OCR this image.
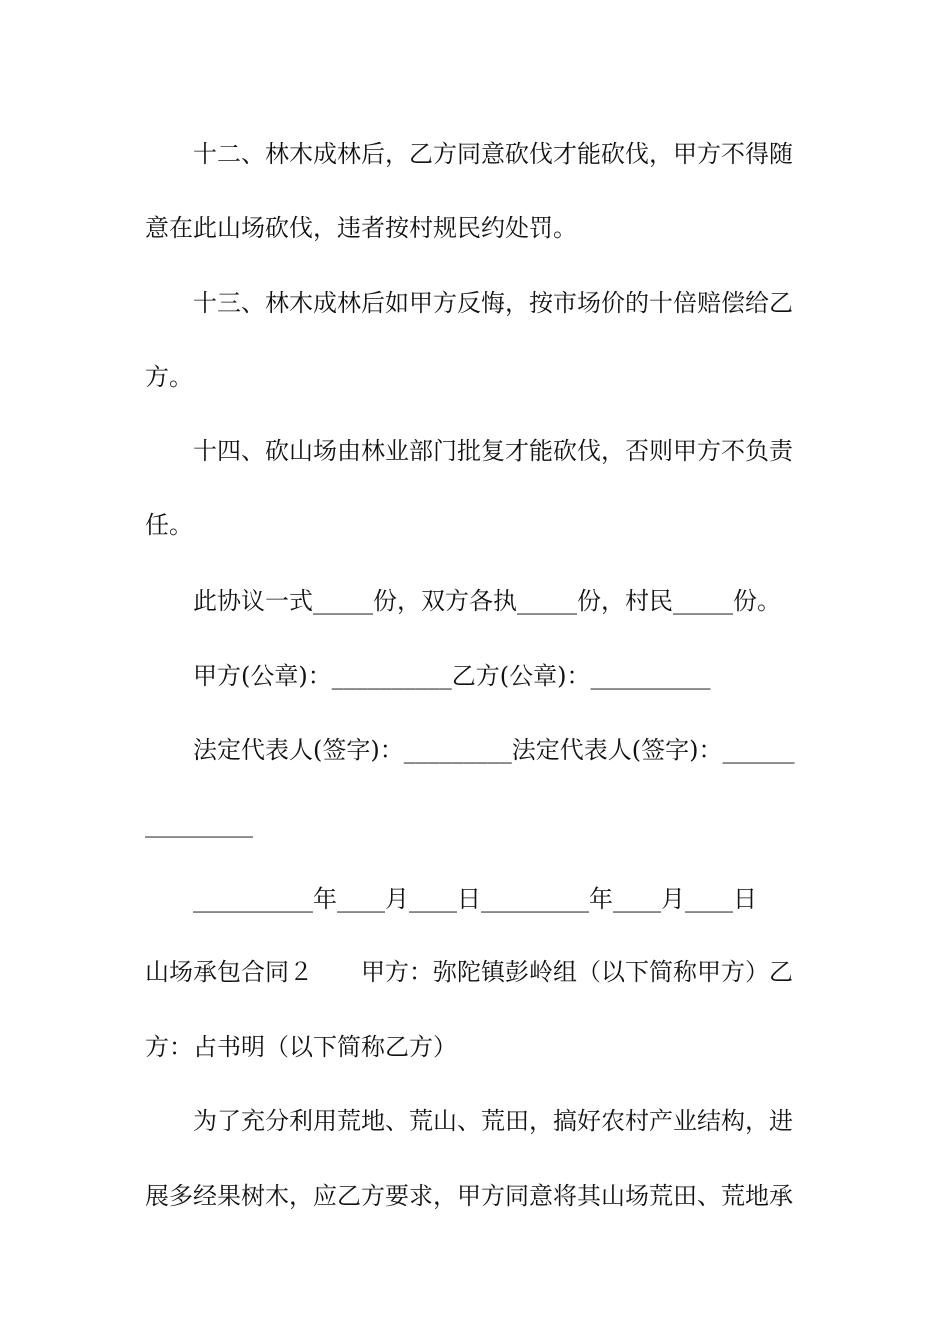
十二、林木成林后，乙方同意砍伐才能砍伐，甲方不得随
意在此山场砍伐，违者按村规民约处罚。
十三、林木成林后如甲方反悔，按市场价的十倍赔偿给乙
方。
十四、砍山场由林业部门批复才能砍伐，否则甲方不负责
任。
此协议一式_____份，双方各执_____份，村民_____份。
甲方(公章)：__________乙方(公章)：__________
法定代表人(签字)：_________法定代表人(签字)：______
_________
__________年____月____日_________年____月____日
山场承包合同２　　甲方：弥陀镇彭岭组（以下简称甲方）乙
方：占书明（以下简称乙方）
为了充分利用荒地、荒山、荒田，搞好农村产业结构，进
展多经果树木，应乙方要求，甲方同意将其山场荒田、荒地承
